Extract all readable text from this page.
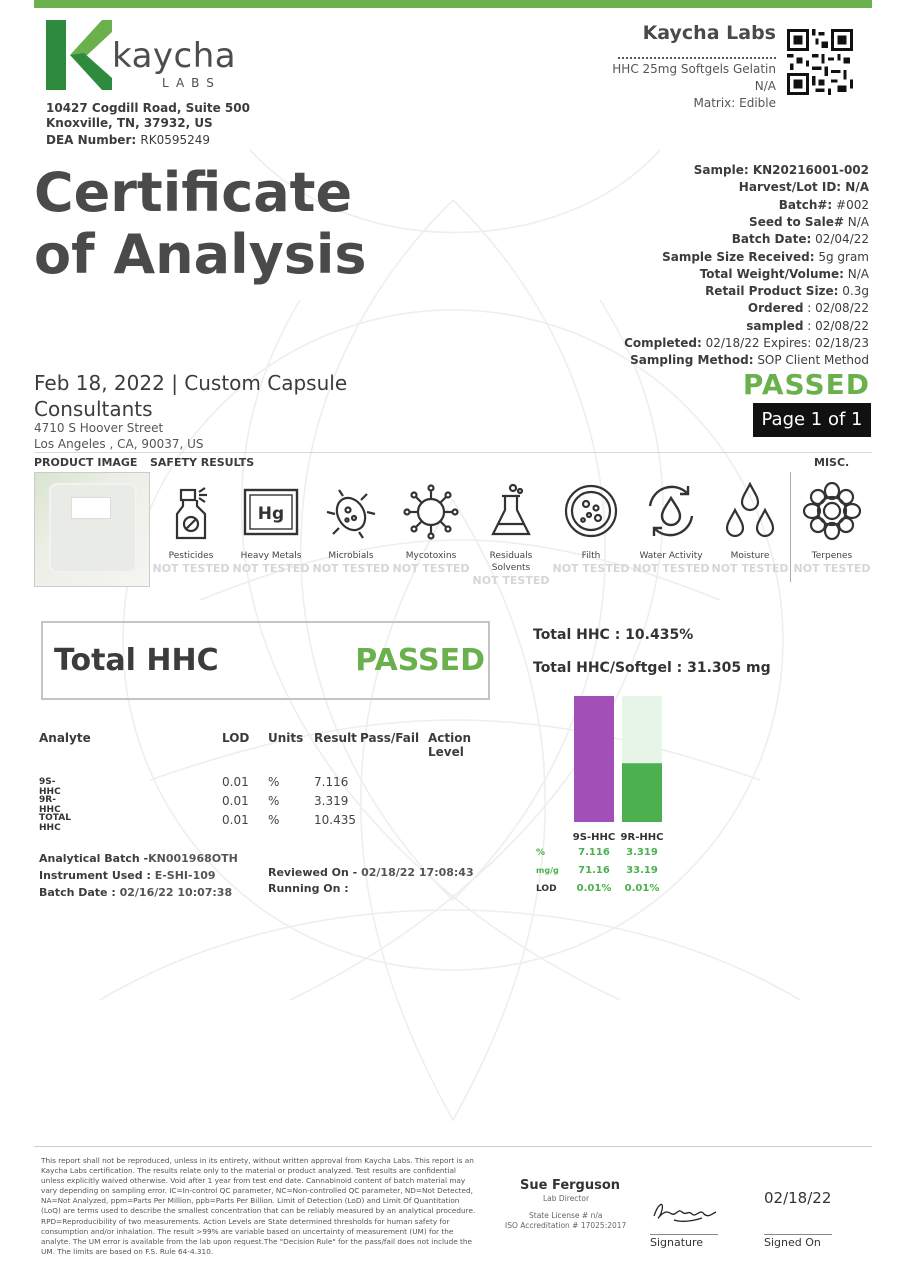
kaycha
LABS
10427 Cogdill Road, Suite 500
Knoxville, TN, 37932, US
DEA Number: RK0595249
Certificate
of Analysis
Kaycha Labs
HHC 25mg Softgels Gelatin
N/A
Matrix: Edible
Sample: KN20216001-002
Harvest/Lot ID: N/A
Batch#: #002
Seed to Sale# N/A
Batch Date: 02/04/22
Sample Size Received: 5g gram
Total Weight/Volume: N/A
Retail Product Size: 0.3g
Ordered : 02/08/22
sampled : 02/08/22
Completed: 02/18/22 Expires: 02/18/23
Sampling Method: SOP Client Method
PASSED
Page 1 of 1
Feb 18, 2022 | Custom Capsule
Consultants
4710 S Hoover Street
Los Angeles , CA, 90037, US
PRODUCT IMAGE SAFETY RESULTS	MISC.
Pesticides
NOT TESTED
Hg
Heavy Metals
NOT TESTED
Microbials
NOT TESTED
Mycotoxins
NOT TESTED
Residuals Solvents
NOT TESTED
Filth
NOT TESTED
Water Activity
NOT TESTED
Moisture
NOT TESTED
Terpenes
NOT TESTED
Total HHC	PASSED
Total HHC : 10.435%
Total HHC/Softgel : 31.305 mg
Analyte	LOD Units Result Pass/Fail Action Level
9S-HHC
0.01 %	7.116
9R-HHC
0.01 %	3.319
TOTAL HHC
0.01 %	10.435
Analytical Batch -KN001968OTH
Instrument Used : E-SHI-109
Batch Date : 02/16/22 10:07:38
Reviewed On - 02/18/22 17:08:43
Running On :
9S-HHC 9R-HHC
%	7.116 3.319
mg/g 71.16 33.19
LOD 0.01% 0.01%
This report shall not be reproduced, unless in its entirety, without written approval from Kaycha Labs. This report is an Kaycha Labs certification. The results relate only to the material or product analyzed. Test results are confidential unless explicitly waived otherwise. Void after 1 year from test end date. Cannabinoid content of batch material may vary depending on sampling error. IC=In-control QC parameter, NC=Non-controlled QC parameter, ND=Not Detected, NA=Not Analyzed, ppm=Parts Per Million, ppb=Parts Per Billion. Limit of Detection (LoD) and Limit Of Quantitation (LoQ) are terms used to describe the smallest concentration that can be reliably measured by an analytical procedure. RPD=Reproducibility of two measurements. Action Levels are State determined thresholds for human safety for consumption and/or inhalation. The result >99% are variable based on uncertainty of measurement (UM) for the analyte. The UM error is available from the lab upon request.The "Decision Rule" for the pass/fail does not include the UM. The limits are based on F.S. Rule 64-4.310.
Sue Ferguson
Lab Director
State License # n/a
ISO Accreditation # 17025:2017
02/18/22
Signature	Signed On
